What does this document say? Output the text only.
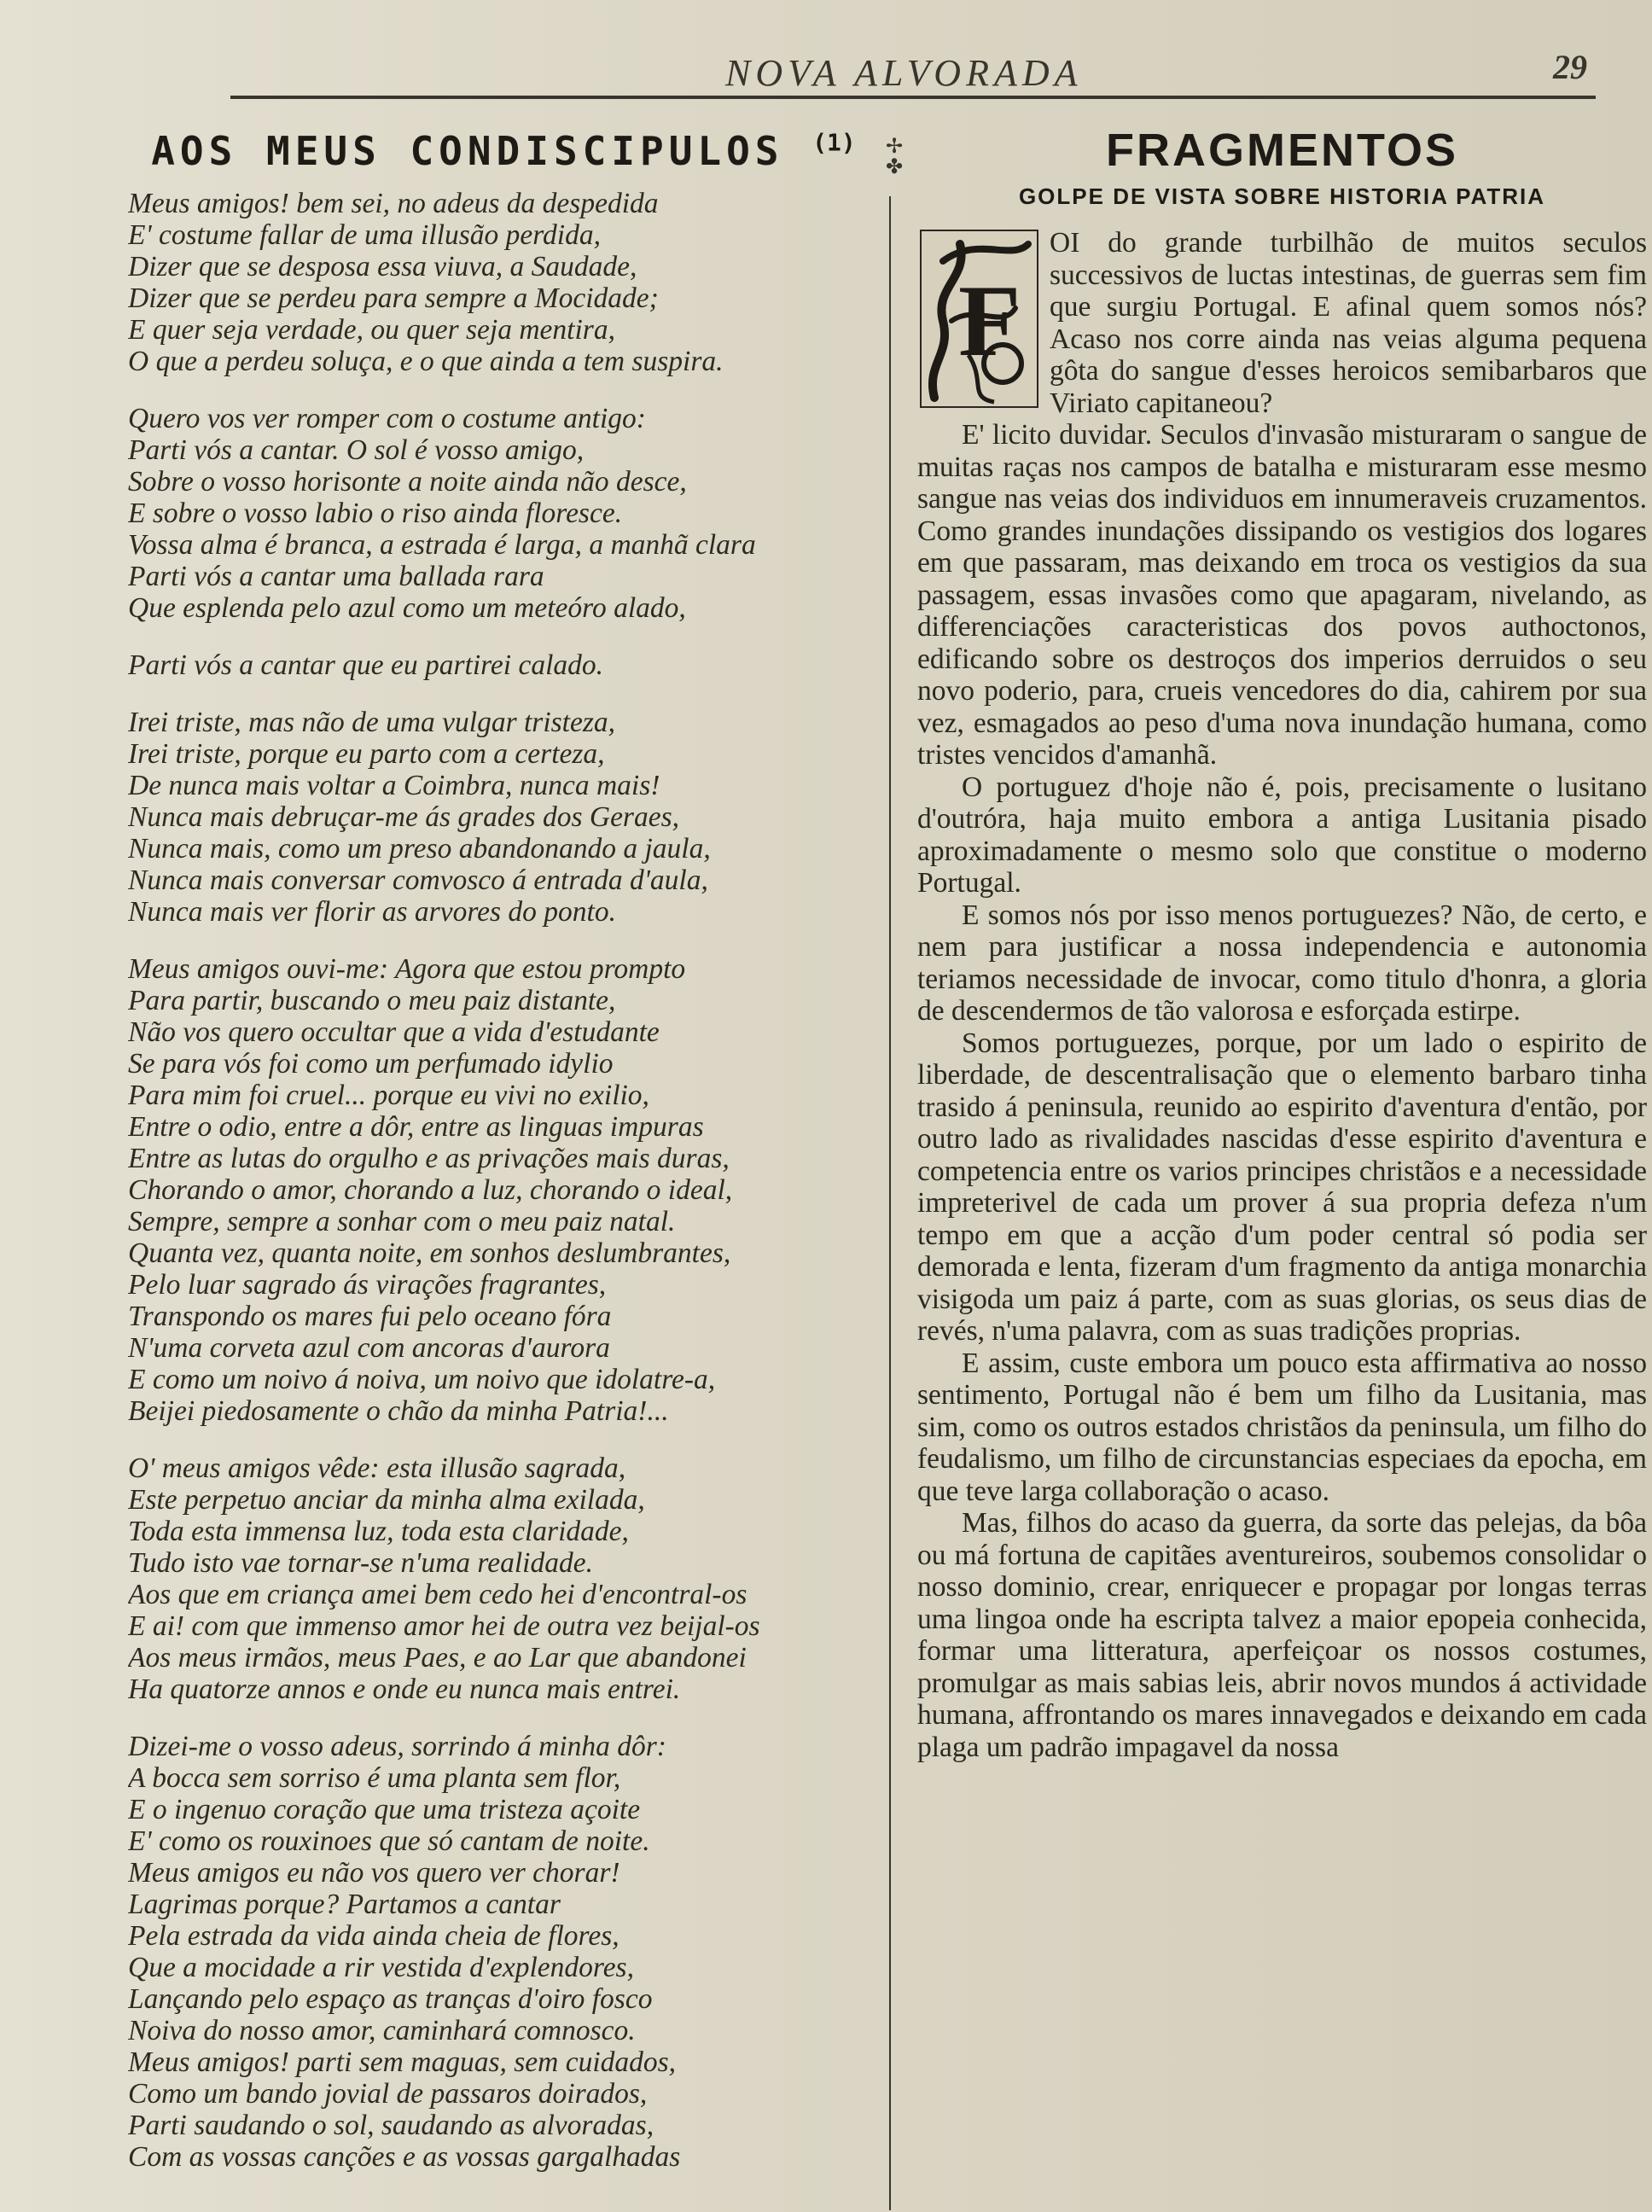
NOVA ALVORADA	29
AOS MEUS CONDISCIPULOS $^{(1)}$
Meus amigos! bem sei, no adeus da despedida
E' costume fallar de uma illusão perdida,
Dizer que se desposa essa viuva, a Saudade,
Dizer que se perdeu para sempre a Mocidade;
E quer seja verdade, ou quer seja mentira,
O que a perdeu soluça, e o que ainda a tem suspira.
Quero vos ver romper com o costume antigo:
Parti vós a cantar. O sol é vosso amigo,
Sobre o vosso horisonte a noite ainda não desce,
E sobre o vosso labio o riso ainda floresce.
Vossa alma é branca, a estrada é larga, a manhã clara
Parti vós a cantar uma ballada rara
Que esplenda pelo azul como um meteóro alado,
Parti vós a cantar que eu partirei calado.
Irei triste, mas não de uma vulgar tristeza,
Irei triste, porque eu parto com a certeza,
De nunca mais voltar a Coimbra, nunca mais!
Nunca mais debruçar-me ás grades dos Geraes,
Nunca mais, como um preso abandonando a jaula,
Nunca mais conversar comvosco á entrada d'aula,
Nunca mais ver florir as arvores do ponto.
Meus amigos ouvi-me: Agora que estou prompto
Para partir, buscando o meu paiz distante,
Não vos quero occultar que a vida d'estudante
Se para vós foi como um perfumado idylio
Para mim foi cruel... porque eu vivi no exilio,
Entre o odio, entre a dôr, entre as linguas impuras
Entre as lutas do orgulho e as privações mais duras,
Chorando o amor, chorando a luz, chorando o ideal,
Sempre, sempre a sonhar com o meu paiz natal.
Quanta vez, quanta noite, em sonhos deslumbrantes,
Pelo luar sagrado ás virações fragrantes,
Transpondo os mares fui pelo oceano fóra
N'uma corveta azul com ancoras d'aurora
E como um noivo á noiva, um noivo que idolatre-a,
Beijei piedosamente o chão da minha Patria!...
O' meus amigos vêde: esta illusão sagrada,
Este perpetuo anciar da minha alma exilada,
Toda esta immensa luz, toda esta claridade,
Tudo isto vae tornar-se n'uma realidade.
Aos que em criança amei bem cedo hei d'encontral-os
E ai! com que immenso amor hei de outra vez beijal-os
Aos meus irmãos, meus Paes, e ao Lar que abandonei
Ha quatorze annos e onde eu nunca mais entrei.
Dizei-me o vosso adeus, sorrindo á minha dôr:
A bocca sem sorriso é uma planta sem flor,
E o ingenuo coração que uma tristeza açoite
E' como os rouxinoes que só cantam de noite.
Meus amigos eu não vos quero ver chorar!
Lagrimas porque? Partamos a cantar
Pela estrada da vida ainda cheia de flores,
Que a mocidade a rir vestida d'explendores,
Lançando pelo espaço as tranças d'oiro fosco
Noiva do nosso amor, caminhará comnosco.
Meus amigos! parti sem maguas, sem cuidados,
Como um bando jovial de passaros doirados,
Parti saudando o sol, saudando as alvoradas,
Com as vossas canções e as vossas gargalhadas
✢
✤	FRAGMENTOS
GOLPE DE VISTA SOBRE HISTORIA PATRIA
F

OI do grande turbilhão de muitos seculos successivos de luctas intestinas, de guerras sem fim que surgiu Portugal. E afinal quem somos nós? Acaso nos corre ainda nas veias alguma pequena gôta do sangue d'esses heroicos semibarbaros que Viriato capitaneou?

E' licito duvidar. Seculos d'invasão misturaram o sangue de muitas raças nos campos de batalha e misturaram esse mesmo sangue nas veias dos individuos em innumeraveis cruzamentos. Como grandes inundações dissipando os vestigios dos logares em que passaram, mas deixando em troca os vestigios da sua passagem, essas invasões como que apagaram, nivelando, as differenciações caracteristicas dos povos authoctonos, edificando sobre os destroços dos imperios derruidos o seu novo poderio, para, crueis vencedores do dia, cahirem por sua vez, esmagados ao peso d'uma nova inundação humana, como tristes vencidos d'amanhã.

O portuguez d'hoje não é, pois, precisamente o lusitano d'outróra, haja muito embora a antiga Lusitania pisado aproximadamente o mesmo solo que constitue o moderno Portugal.

E somos nós por isso menos portuguezes? Não, de certo, e nem para justificar a nossa independencia e autonomia teriamos necessidade de invocar, como titulo d'honra, a gloria de descendermos de tão valorosa e esforçada estirpe.

Somos portuguezes, porque, por um lado o espirito de liberdade, de descentralisação que o elemento barbaro tinha trasido á peninsula, reunido ao espirito d'aventura d'então, por outro lado as rivalidades nascidas d'esse espirito d'aventura e competencia entre os varios principes christãos e a necessidade impreterivel de cada um prover á sua propria defeza n'um tempo em que a acção d'um poder central só podia ser demorada e lenta, fizeram d'um fragmento da antiga monarchia visigoda um paiz á parte, com as suas glorias, os seus dias de revés, n'uma palavra, com as suas tradições proprias.

E assim, custe embora um pouco esta affirmativa ao nosso sentimento, Portugal não é bem um filho da Lusitania, mas sim, como os outros estados christãos da peninsula, um filho do feudalismo, um filho de circunstancias especiaes da epocha, em que teve larga collaboração o acaso.

Mas, filhos do acaso da guerra, da sorte das pelejas, da bôa ou má fortuna de capitães aventureiros, soubemos consolidar o nosso dominio, crear, enriquecer e propagar por longas terras uma lingoa onde ha escripta talvez a maior epopeia conhecida, formar uma litteratura, aperfeiçoar os nossos costumes, promulgar as mais sabias leis, abrir novos mundos á actividade humana, affrontando os mares innavegados e deixando em cada plaga um padrão impagavel da nossa
